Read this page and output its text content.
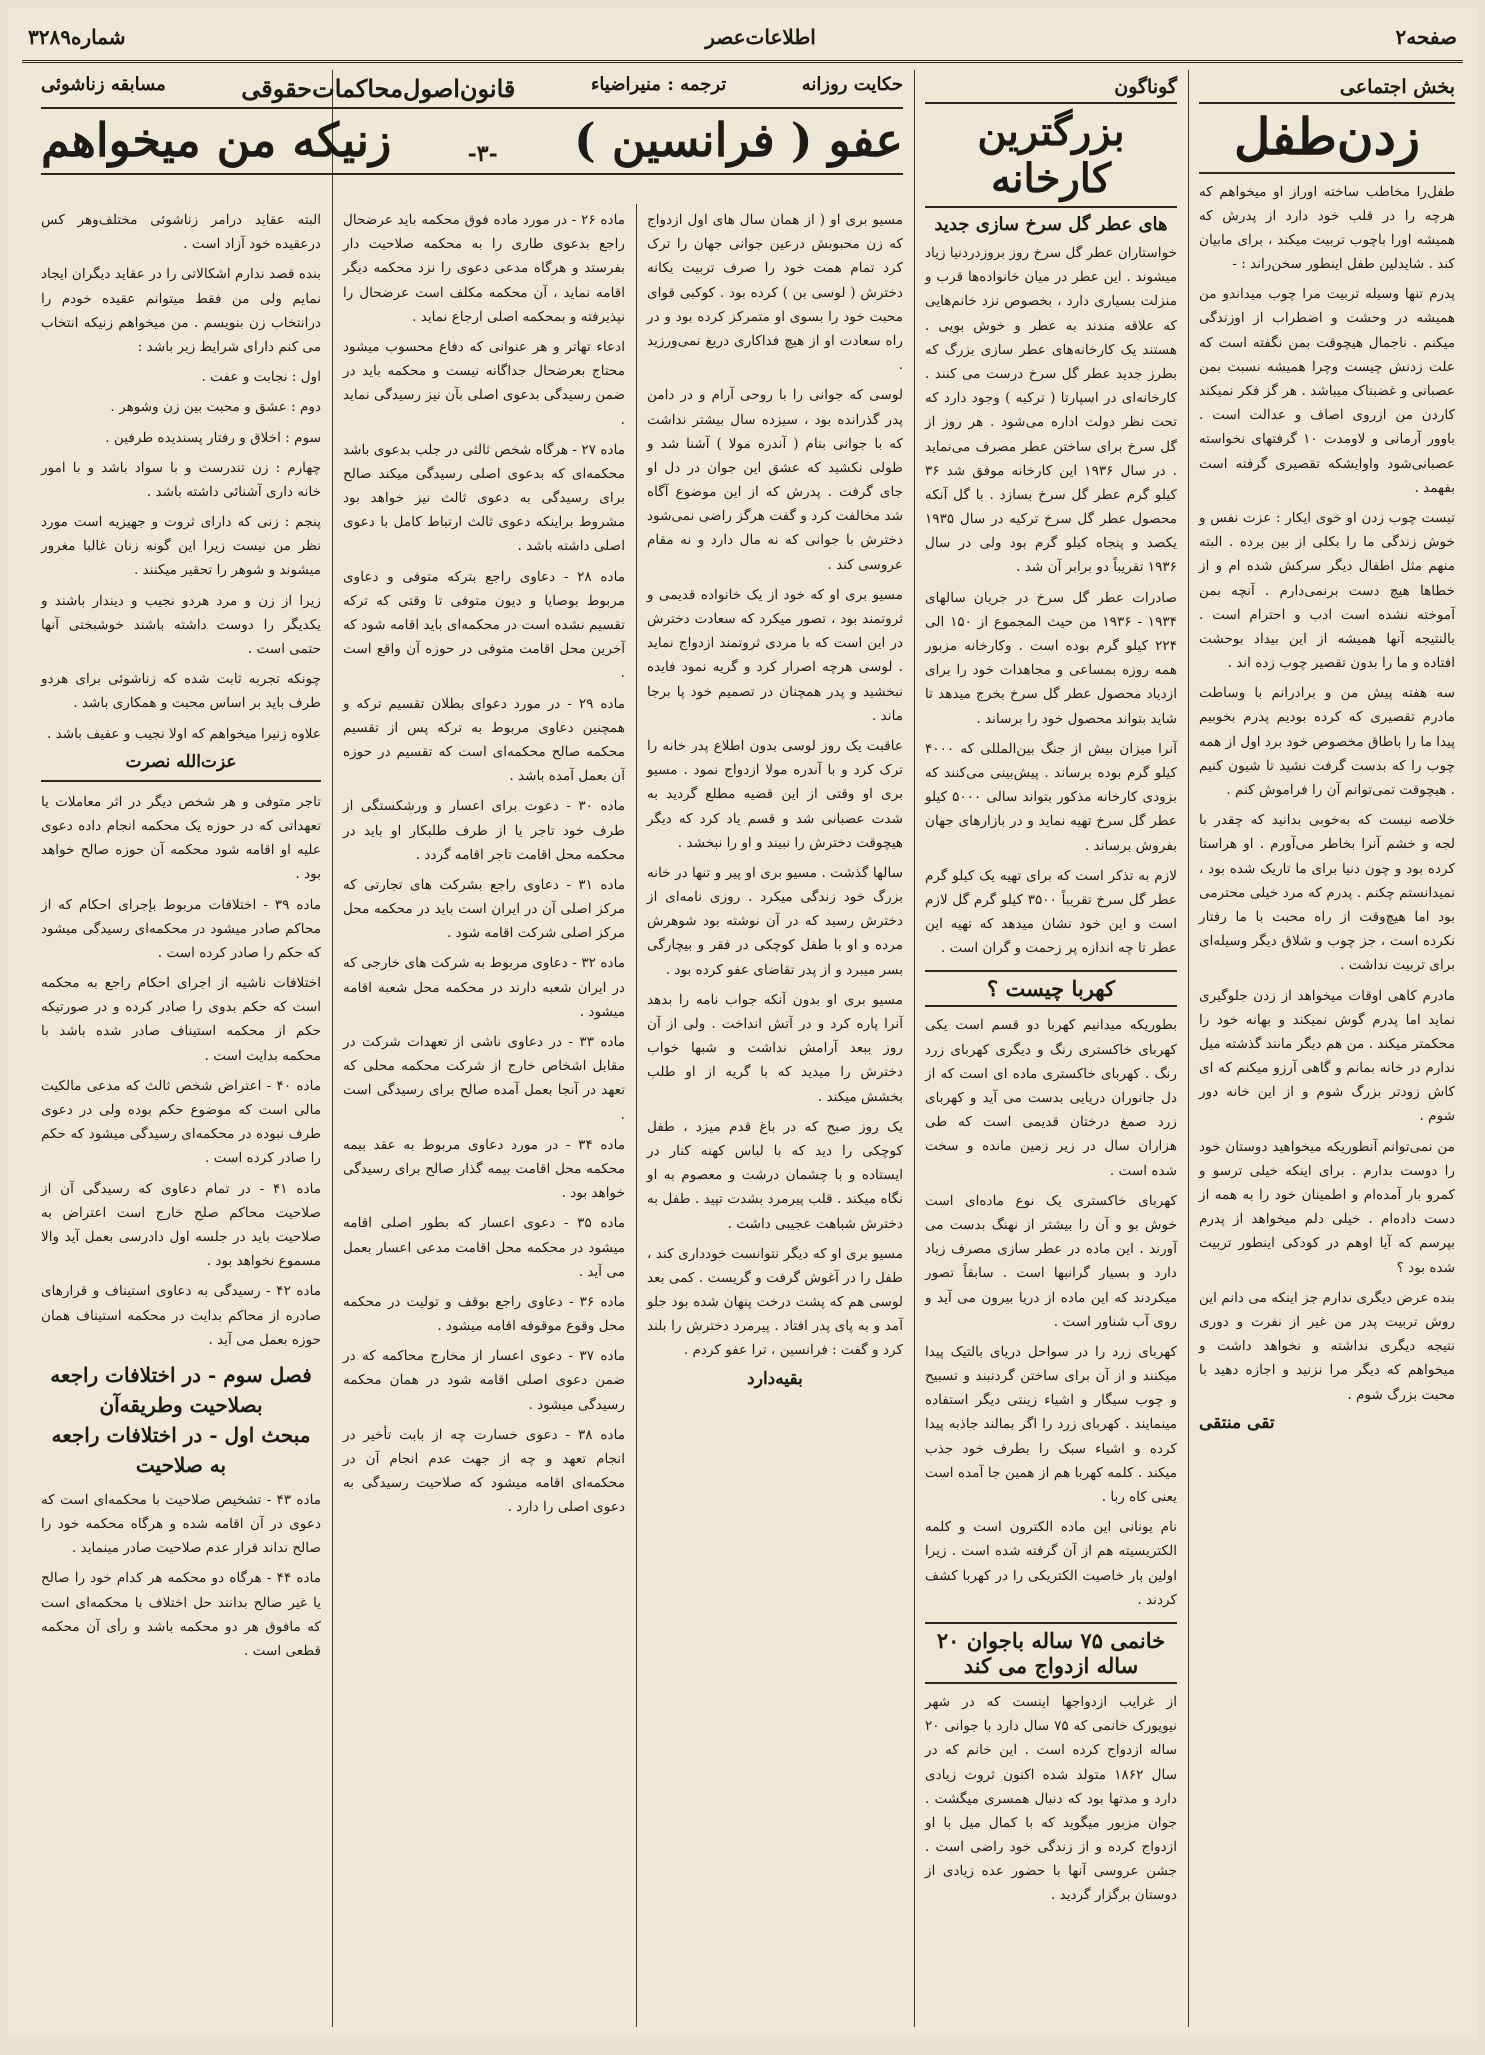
صفحه۲
اطلاعات‌عصر
شماره۳۲۸۹
بخش اجتماعی
زدن‌طفل

طفل‌را مخاطب ساخته اوراز او میخواهم که هرچه را در قلب خود دارد از پدرش که همیشه اورا باچوب تربیت میکند ، برای مابیان کند . شایدلین طفل اینطور سخن‌راند : -

پدرم تنها وسیله تربیت مرا چوب میداندو من همیشه در وحشت و اضطراب از اوزندگی میکنم . ناجمال هیچوقت بمن نگفته است که علت زدنش چیست وچرا همیشه نسبت بمن عصبانی و غضبناک میباشد . هر گز فکر نمیکند کاردن من ازروی اصاف و عدالت است . باوور آرمانی و لاومدت ۱۰ گرفتهای نخواسته عصبانی‌شود واوایشکه تقصیری گرفته است بفهمد .

تیست چوب زدن او خوی ایکار : عزت نفس و خوش زندگی ما را بکلی از بین برده . البته منهم مثل اطفال دیگر سرکش شده ام و از خطاها هیچ دست برنمی‌دارم . آنچه بمن آموخته نشده است ادب و احترام است . بالنتیجه آنها همیشه از این بیداد بوحشت افتاده و ما را بدون تقصیر چوب زده اند .

سه هفته پیش من و برادرانم با وساطت مادرم تقصیری که کرده بودیم پدرم بخوبیم پیدا ما را باطاق مخصوص خود برد اول از همه چوب را که بدست گرفت نشید تا شیون کنیم . هیچوقت تمی‌توانم آن را فراموش کنم .

خلاصه نیست که به‌خوبی بدانید که چقدر با لجه و خشم آنرا بخاطر می‌آورم . او هراستا کرده بود و چون دنیا برای ما تاریک شده بود ، نمیدانستم چکنم . پدرم که مرد خیلی محترمی بود اما هیچ‌وقت از راه محبت با ما رفتار نکرده است ، جز چوب و شلاق دیگر وسیله‌ای برای تربیت نداشت .

مادرم کاهی اوقات میخواهد از زدن جلوگیری نماید اما پدرم گوش نمیکند و بهانه خود را محکمتر میکند . من هم دیگر مانند گذشته میل ندارم در خانه بمانم و گاهی آرزو میکنم که ای کاش زودتر بزرگ شوم و از این خانه دور شوم .

من نمی‌توانم آنطوریکه میخواهید دوستان خود را دوست بدارم . برای اینکه خیلی ترسو و کمرو بار آمده‌ام و اطمینان خود را به همه از دست داده‌ام . خیلی دلم میخواهد از پدرم بپرسم که آیا اوهم در کودکی اینطور تربیت شده بود ؟

بنده عرض دیگری ندارم جز اینکه می دانم این روش تربیت پدر من غیر از نفرت و دوری نتیجه دیگری نداشته و نخواهد داشت و میخواهم که دیگر مرا نزنید و اجازه دهید با محبت بزرگ شوم .

تقی منتقی
گوناگون
بزرگترین کارخانه
های عطر گل سرخ سازی جدید

خواستاران عطر گل سرخ روز بروزدردنیا زیاد میشوند . این عطر در میان خانواده‌ها قرب و منزلت بسیاری دارد ، بخصوص نزد خانم‌هایی که علاقه مندند به عطر و خوش بویی . هستند یک کارخانه‌های عطر سازی بزرگ که بطرز جدید عطر گل سرخ درست می کنند . کارخانه‌ای در اسپارتا ( ترکیه ) وجود دارد که تحت نظر دولت اداره می‌شود . هر روز از گل سرخ برای ساختن عطر مصرف می‌نماید . در سال ۱۹۳۶ این کارخانه موفق شد ۳۶ کیلو گرم عطر گل سرخ بسازد . با گل آنکه محصول عطر گل سرخ ترکیه در سال ۱۹۳۵ یکصد و پنجاه کیلو گرم بود ولی در سال ۱۹۳۶ تقریباً دو برابر آن شد .

صادرات عطر گل سرخ در جریان سالهای ۱۹۳۴ - ۱۹۳۶ من حیث المجموع از ۱۵۰ الی ۲۲۴ کیلو گرم بوده است . وکارخانه مزبور همه روزه بمساعی و مجاهدات خود را برای ازدیاد محصول عطر گل سرخ بخرج میدهد تا شاید بتواند محصول خود را برساند .

آنرا میزان بیش از جنگ بین‌المللی که ۴۰۰۰ کیلو گرم بوده برساند . پیش‌بینی می‌کنند که بزودی کارخانه مذکور بتواند سالی ۵۰۰۰ کیلو عطر گل سرخ تهیه نماید و در بازارهای جهان بفروش برساند .

لازم به تذکر است که برای تهیه یک کیلو گرم عطر گل سرخ تقریباً ۳۵۰۰ کیلو گرم گل لازم است و این خود نشان میدهد که تهیه این عطر تا چه اندازه پر زحمت و گران است .

کهربا چیست ؟

بطوریکه میدانیم کهربا دو قسم است یکی کهربای خاکستری رنگ و دیگری کهربای زرد رنگ . کهربای خاکستری ماده ای است که از دل جانوران دریایی بدست می آید و کهربای زرد صمغ درختان قدیمی است که طی هزاران سال در زیر زمین مانده و سخت شده است .

کهربای خاکستری یک نوع ماده‌ای است خوش بو و آن را بیشتر از نهنگ بدست می آورند . این ماده در عطر سازی مصرف زیاد دارد و بسیار گرانبها است . سابقاً تصور میکردند که این ماده از دریا بیرون می آید و روی آب شناور است .

کهربای زرد را در سواحل دریای بالتیک پیدا میکنند و از آن برای ساختن گردنبند و تسبیح و چوب سیگار و اشیاء زینتی دیگر استفاده مینمایند . کهربای زرد را اگر بمالند جاذبه پیدا کرده و اشیاء سبک را بطرف خود جذب میکند . کلمه کهربا هم از همین جا آمده است یعنی کاه ربا .

نام یونانی این ماده الکترون است و کلمه الکتریسیته هم از آن گرفته شده است . زیرا اولین بار خاصیت الکتریکی را در کهربا کشف کردند .

خانمی ۷۵ ساله باجوان ۲۰ ساله ازدواج می کند

از غرایب ازدواجها اینست که در شهر نیویورک خانمی که ۷۵ سال دارد با جوانی ۲۰ ساله ازدواج کرده است . این خانم که در سال ۱۸۶۲ متولد شده اکنون ثروت زیادی دارد و مدتها بود که دنبال همسری میگشت . جوان مزبور میگوید که با کمال میل با او ازدواج کرده و از زندگی خود راضی است . جشن عروسی آنها با حضور عده زیادی از دوستان برگزار گردید .

حکایت روزانه
ترجمه : منیراضیاء
قانون‌اصول‌محاکمات‌حقوقی
مسابقه زناشوئی
عفو ( فرانسین )
-۳-
زنیکه من میخواهم

مسیو بری او ( از همان سال های اول ازدواج که زن محبوبش درعین جوانی جهان را ترک کرد تمام همت خود را صرف تربیت یکانه دخترش ( لوسی بن ) کرده بود . کوکبی قوای محبت خود را بسوی او متمرکز کرده بود و در راه سعادت او از هیچ فداکاری دریغ نمی‌ورزید .

لوسی که جوانی را با روحی آرام و در دامن پدر گذرانده بود ، سیزده سال بیشتر نداشت که با جوانی بنام ( آندره مولا ) آشنا شد و طولی نکشید که عشق این جوان در دل او جای گرفت . پدرش که از این موضوع آگاه شد مخالفت کرد و گفت هرگز راضی نمی‌شود دخترش با جوانی که نه مال دارد و نه مقام عروسی کند .

مسیو بری او که خود از یک خانواده قدیمی و ثروتمند بود ، تصور میکرد که سعادت دخترش در این است که با مردی ثروتمند ازدواج نماید . لوسی هرچه اصرار کرد و گریه نمود فایده نبخشید و پدر همچنان در تصمیم خود پا برجا ماند .

عاقبت یک روز لوسی بدون اطلاع پدر خانه را ترک کرد و با آندره مولا ازدواج نمود . مسیو بری او وقتی از این قضیه مطلع گردید به شدت عصبانی شد و قسم یاد کرد که دیگر هیچوقت دخترش را نبیند و او را نبخشد .

سالها گذشت . مسیو بری او پیر و تنها در خانه بزرگ خود زندگی میکرد . روزی نامه‌ای از دخترش رسید که در آن نوشته بود شوهرش مرده و او با طفل کوچکی در فقر و بیچارگی بسر میبرد و از پدر تقاضای عفو کرده بود .

مسیو بری او بدون آنکه جواب نامه را بدهد آنرا پاره کرد و در آتش انداخت . ولی از آن روز ببعد آرامش نداشت و شبها خواب دخترش را میدید که با گریه از او طلب بخشش میکند .

یک روز صبح که در باغ قدم میزد ، طفل کوچکی را دید که با لباس کهنه کنار در ایستاده و با چشمان درشت و معصوم به او نگاه میکند . قلب پیرمرد بشدت تپید . طفل به دخترش شباهت عجیبی داشت .

مسیو بری او که دیگر نتوانست خودداری کند ، طفل را در آغوش گرفت و گریست . کمی بعد لوسی هم که پشت درخت پنهان شده بود جلو آمد و به پای پدر افتاد . پیرمرد دخترش را بلند کرد و گفت : فرانسین ، ترا عفو کردم .

بقیه‌دارد

ماده ۲۶ - در مورد ماده فوق محکمه باید عرضحال راجع بدعوی طاری را به محکمه صلاحیت دار بفرستد و هرگاه مدعی دعوی را نزد محکمه دیگر اقامه نماید ، آن محکمه مکلف است عرضحال را نپذیرفته و بمحکمه اصلی ارجاع نماید .

ادعاء تهاتر و هر عنوانی که دفاع محسوب میشود محتاج بعرضحال جداگانه نیست و محکمه باید در ضمن رسیدگی بدعوی اصلی بآن نیز رسیدگی نماید .

ماده ۲۷ - هرگاه شخص ثالثی در جلب بدعوی باشد محکمه‌ای که بدعوی اصلی رسیدگی میکند صالح برای رسیدگی به دعوی ثالث نیز خواهد بود مشروط براینکه دعوی ثالث ارتباط کامل با دعوی اصلی داشته باشد .

ماده ۲۸ - دعاوی راجع بترکه متوفی و دعاوی مربوط بوصایا و دیون متوفی تا وقتی که ترکه تقسیم نشده است در محکمه‌ای باید اقامه شود که آخرین محل اقامت متوفی در حوزه آن واقع است .

ماده ۲۹ - در مورد دعوای بطلان تقسیم ترکه و همچنین دعاوی مربوط به ترکه پس از تقسیم محکمه صالح محکمه‌ای است که تقسیم در حوزه آن بعمل آمده باشد .

ماده ۳۰ - دعوت برای اعسار و ورشکستگی از طرف خود تاجر یا از طرف طلبکار او باید در محکمه محل اقامت تاجر اقامه گردد .

ماده ۳۱ - دعاوی راجع بشرکت های تجارتی که مرکز اصلی آن در ایران است باید در محکمه محل مرکز اصلی شرکت اقامه شود .

ماده ۳۲ - دعاوی مربوط به شرکت های خارجی که در ایران شعبه دارند در محکمه محل شعبه اقامه میشود .

ماده ۳۳ - در دعاوی ناشی از تعهدات شرکت در مقابل اشخاص خارج از شرکت محکمه محلی که تعهد در آنجا بعمل آمده صالح برای رسیدگی است .

ماده ۳۴ - در مورد دعاوی مربوط به عقد بیمه محکمه محل اقامت بیمه گذار صالح برای رسیدگی خواهد بود .

ماده ۳۵ - دعوی اعسار که بطور اصلی اقامه میشود در محکمه محل اقامت مدعی اعسار بعمل می آید .

ماده ۳۶ - دعاوی راجع بوقف و تولیت در محکمه محل وقوع موقوفه اقامه میشود .

ماده ۳۷ - دعوی اعسار از مخارج محاکمه که در ضمن دعوی اصلی اقامه شود در همان محکمه رسیدگی میشود .

ماده ۳۸ - دعوی خسارت چه از بابت تأخیر در انجام تعهد و چه از جهت عدم انجام آن در محکمه‌ای اقامه میشود که صلاحیت رسیدگی به دعوی اصلی را دارد .

البته عقاید درامر زناشوئی مختلف‌وهر کس درعقیده خود آزاد است .

بنده قصد ندارم اشکالاتی را در عقاید دیگران ایجاد نمایم ولی من فقط میتوانم عقیده خودم را درانتخاب زن بنویسم . من میخواهم زنیکه انتخاب می کنم دارای شرایط زیر باشد :

اول : نجابت و عفت .

دوم : عشق و محبت بین زن وشوهر .

سوم : اخلاق و رفتار پسندیده طرفین .

چهارم : زن تندرست و با سواد باشد و با امور خانه داری آشنائی داشته باشد .

پنجم : زنی که دارای ثروت و جهیزیه است مورد نظر من نیست زیرا این گونه زنان غالبا مغرور میشوند و شوهر را تحقیر میکنند .

زیرا از زن و مرد هردو نجیب و دیندار باشند و یکدیگر را دوست داشته باشند خوشبختی آنها حتمی است .

چونکه تجربه ثابت شده که زناشوئی برای هردو طرف باید بر اساس محبت و همکاری باشد .

علاوه زنیرا میخواهم که اولا نجیب و عفیف باشد .

عزت‌الله نصرت

تاجر متوفی و هر شخص دیگر در اثر معاملات یا تعهداتی که در حوزه یک محکمه انجام داده دعوی علیه او اقامه شود محکمه آن حوزه صالح خواهد بود .

ماده ۳۹ - اختلافات مربوط بإجرای احکام که از محاکم صادر میشود در محکمه‌ای رسیدگی میشود که حکم را صادر کرده است .

اختلافات ناشیه از اجرای احکام راجع به محکمه است که حکم بدوی را صادر کرده و در صورتیکه حکم از محکمه استیناف صادر شده باشد با محکمه بدایت است .

ماده ۴۰ - اعتراض شخص ثالث که مدعی مالکیت مالی است که موضوع حکم بوده ولی در دعوی طرف نبوده در محکمه‌ای رسیدگی میشود که حکم را صادر کرده است .

ماده ۴۱ - در تمام دعاوی که رسیدگی آن از صلاحیت محاکم صلح خارج است اعتراض به صلاحیت باید در جلسه اول دادرسی بعمل آید والا مسموع نخواهد بود .

ماده ۴۲ - رسیدگی به دعاوی استیناف و قرارهای صادره از محاکم بدایت در محکمه استیناف همان حوزه بعمل می آید .

فصل سوم - در اختلافات راجعه بصلاحیت وطریقه‌آن
مبحث اول - در اختلافات راجعه
به صلاحیت

ماده ۴۳ - تشخیص صلاحیت با محکمه‌ای است که دعوی در آن اقامه شده و هرگاه محکمه خود را صالح نداند قرار عدم صلاحیت صادر مینماید .

ماده ۴۴ - هرگاه دو محکمه هر کدام خود را صالح یا غیر صالح بدانند حل اختلاف با محکمه‌ای است که مافوق هر دو محکمه باشد و رأی آن محکمه قطعی است .
